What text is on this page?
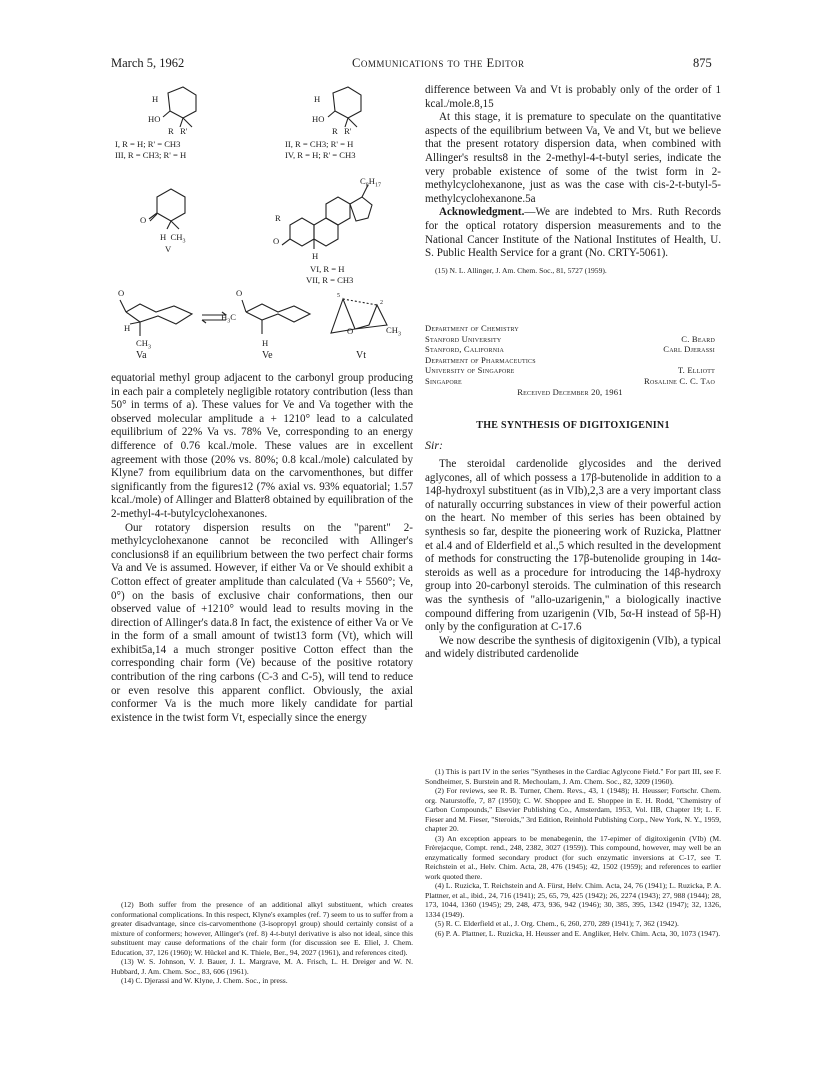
March 5, 1962	Communications to the Editor	875
H
HO
R   R'
I, R = H; R' = CH3
III, R = CH3; R' = H
H
HO
R   R'
II, R = CH3; R' = H
IV, R = H; R' = CH3
O
H  $CH_3$
V
$C_8H_{17}$
R
O
H
VI, R = H
VII, R = CH3
O
H
$CH_3$
Va
O
$H_3C$
H
Ve
5
2
O	$CH_3$
Vt

equatorial methyl group adjacent to the carbonyl group producing in each pair a completely negligible rotatory contribution (less than 50° in terms of a). These values for Ve and Va together with the observed molecular amplitude a + 1210° lead to a calculated equilibrium of 22% Va vs. 78% Ve, corresponding to an energy difference of 0.76 kcal./mole. These values are in excellent agreement with those (20% vs. 80%; 0.8 kcal./mole) calculated by Klyne7 from equilibrium data on the carvomenthones, but differ significantly from the figures12 (7% axial vs. 93% equatorial; 1.57 kcal./mole) of Allinger and Blatter8 obtained by equilibration of the 2-methyl-4-t-butylcyclohexanones.

Our rotatory dispersion results on the "parent" 2-methylcyclohexanone cannot be reconciled with Allinger's conclusions8 if an equilibrium between the two perfect chair forms Va and Ve is assumed. However, if either Va or Ve should exhibit a Cotton effect of greater amplitude than calculated (Va + 5560°; Ve, 0°) on the basis of exclusive chair conformations, then our observed value of +1210° would lead to results moving in the direction of Allinger's data.8 In fact, the existence of either Va or Ve in the form of a small amount of twist13 form (Vt), which will exhibit5a,14 a much stronger positive Cotton effect than the corresponding chair form (Ve) because of the positive rotatory contribution of the ring carbons (C-3 and C-5), will tend to reduce or even resolve this apparent conflict. Obviously, the axial conformer Va is the much more likely candidate for partial existence in the twist form Vt, especially since the energy

(12) Both suffer from the presence of an additional alkyl substituent, which creates conformational complications. In this respect, Klyne's examples (ref. 7) seem to us to suffer from a greater disadvantage, since cis-carvomenthone (3-isopropyl group) should certainly consist of a mixture of conformers; however, Allinger's (ref. 8) 4-t-butyl derivative is also not ideal, since this substituent may cause deformations of the chair form (for discussion see E. Eliel, J. Chem. Education, 37, 126 (1960); W. Hückel and K. Thiele, Ber., 94, 2027 (1961), and references cited).

(13) W. S. Johnson, V. J. Bauer, J. L. Margrave, M. A. Frisch, L. H. Dreiger and W. N. Hubbard, J. Am. Chem. Soc., 83, 606 (1961).

(14) C. Djerassi and W. Klyne, J. Chem. Soc., in press.

difference between Va and Vt is probably only of the order of 1 kcal./mole.8,15

At this stage, it is premature to speculate on the quantitative aspects of the equilibrium between Va, Ve and Vt, but we believe that the present rotatory dispersion data, when combined with Allinger's results8 in the 2-methyl-4-t-butyl series, indicate the very probable existence of some of the twist form in 2-methylcyclohexanone, just as was the case with cis-2-t-butyl-5-methylcyclohexanone.5a

Acknowledgment.—We are indebted to Mrs. Ruth Records for the optical rotatory dispersion measurements and to the National Cancer Institute of the National Institutes of Health, U. S. Public Health Service for a grant (No. CRTY-5061).

(15) N. L. Allinger, J. Am. Chem. Soc., 81, 5727 (1959).

Department of Chemistry
Stanford University	C. Beard
Stanford, California	Carl Djerassi
Department of Pharmaceutics
University of Singapore	T. Elliott
Singapore	Rosaline C. C. Tao
Received December 20, 1961
THE SYNTHESIS OF DIGITOXIGENIN1
Sir:

The steroidal cardenolide glycosides and the derived aglycones, all of which possess a 17β-butenolide in addition to a 14β-hydroxyl substituent (as in VIb),2,3 are a very important class of naturally occurring substances in view of their powerful action on the heart. No member of this series has been obtained by synthesis so far, despite the pioneering work of Ruzicka, Plattner et al.4 and of Elderfield et al.,5 which resulted in the development of methods for constructing the 17β-butenolide grouping in 14α-steroids as well as a procedure for introducing the 14β-hydroxy group into 20-carbonyl steroids. The culmination of this research was the synthesis of "allo-uzarigenin," a biologically inactive compound differing from uzarigenin (VIb, 5α-H instead of 5β-H) only by the configuration at C-17.6

We now describe the synthesis of digitoxigenin (VIb), a typical and widely distributed cardenolide

(1) This is part IV in the series "Syntheses in the Cardiac Aglycone Field." For part III, see F. Sondheimer, S. Burstein and R. Mechoulam, J. Am. Chem. Soc., 82, 3209 (1960).

(2) For reviews, see R. B. Turner, Chem. Revs., 43, 1 (1948); H. Heusser; Fortschr. Chem. org. Naturstoffe, 7, 87 (1950); C. W. Shoppee and E. Shoppee in E. H. Rodd, "Chemistry of Carbon Compounds," Elsevier Publishing Co., Amsterdam, 1953, Vol. IIB, Chapter 19; L. F. Fieser and M. Fieser, "Steroids," 3rd Edition, Reinhold Publishing Corp., New York, N. Y., 1959, chapter 20.

(3) An exception appears to be menabegenin, the 17-epimer of digitoxigenin (VIb) (M. Frèrejacque, Compt. rend., 248, 2382, 3027 (1959)). This compound, however, may well be an enzymatically formed secondary product (for such enzymatic inversions at C-17, see T. Reichstein et al., Helv. Chim. Acta, 28, 476 (1945); 42, 1502 (1959); and references to earlier work quoted there.

(4) L. Ruzicka, T. Reichstein and A. Fürst, Helv. Chim. Acta, 24, 76 (1941); L. Ruzicka, P. A. Plattner, et al., ibid., 24, 716 (1941); 25, 65, 79, 425 (1942); 26, 2274 (1943); 27, 988 (1944); 28, 173, 1044, 1360 (1945); 29, 248, 473, 936, 942 (1946); 30, 385, 395, 1342 (1947); 32, 1326, 1334 (1949).

(5) R. C. Elderfield et al., J. Org. Chem., 6, 260, 270, 289 (1941); 7, 362 (1942).

(6) P. A. Plattner, L. Ruzicka, H. Heusser and E. Angliker, Helv. Chim. Acta, 30, 1073 (1947).
